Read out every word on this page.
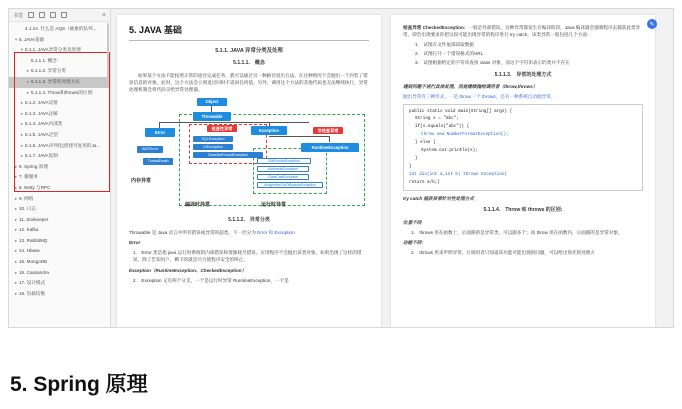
书签	×
4.1.24. 什么是 AQS（抽象的队列...
▾ 5. JAVA基础
▾ 5.1.1. JAVA异常分类及处理
5.1.1.1. 概念
▸ 5.1.1.2. 异常分类
▸ 5.1.1.3. 异常的处理方式
▸ 5.1.1.4. Throw和throws的区别:
▸ 5.1.2. JAVA反射
▸ 5.1.3. JAVA注解
▸ 5.1.4. JAVA内部类
▸ 5.1.5. JAVA泛型
▸ 5.1.6. JAVA序列化(创建可复用的Ja...
▸ 5.1.7. JAVA复制
▸ 6. Spring 原理
▸ 7. 微服务
▸ 8. Netty 与RPC
▸ 9. 网络
▸ 10. 日志
▸ 11. Zookeeper
▸ 12. Kafka
▸ 13. RabbitMQ
▸ 14. Hbase
▸ 15. MongoDB
▸ 16. Cassandra
▸ 17. 设计模式
▸ 18. 负载均衡
5. JAVA 基础
5.1.1. JAVA 异常分类及处理
5.1.1.1.　概念
如果某个方法不能按照正常的途径完成任务，就可以通过另一种路径退出方法。在这种情况下会抛出一个封装了错误信息的对象。此时，这个方法会立刻退出同时不返回任何值。另外，调用这个方法的其他代码也无法继续执行，异常处理机制会将代码交给异常处理器。
Object
Throwable
Error
检查性异常	Exception	非检查异常
RuntimeException
AWTError
ThreadDeath
SQLException
IOException
ClassNotFoundException
NullPointerException
ArithmeticException
ClassCastException
ArrayIndexOutOfBoundsException
内存异常
编译时异常	运行时异常
5.1.1.2.　异常分类
Throwable 是 Java 语言中所有错误或异常的超类。下一层分为 Error 和 Exception
Error
1.　Error 类是指 java 运行时系统的内部错误和资源耗尽错误。应用程序不会抛出该类对象。如果出现了这样的错误，除了告知用户，剩下的就是尽力使程序安全的终止。
Exception（RuntimeException、CheckedException）
2.　Exception 又有两个分支，一个是运行时异常 RuntimeException，一个是
检查异常 CheckedException：一般是外部错误，这种异常都发生在编译阶段，Java 编译器会强制程序去捕获此类异常，即会出现要求你把这段可能出现异常的程序进行 try catch，该类异常一般包括几个方面：
1.　试图在文件尾部读取数据
2.　试图打开一个错误格式的URL
3.　试图根据给定的字符串查找 class 对象，而这个字符串表示的类并不存在
5.1.1.3.　异常的处理方式
遇到问题不进行具体处理，而是继续抛给调用者（throw,throws）
抛出异常有三种形式，一是 throw,一个 throws，还有一种系统自动抛异常。
public static void main(String[] args) {
String s = "abc";
if(s.equals("abc")) {
throw new NumberFormatException();
} else {
System.out.println(s);
}
}
int div(int a,int b) throws Exception{
return a/b;}
try catch 捕获异常针对性处理方式
5.1.1.4.　Throw 和 throws 的区别:
位置不同
1.　throws 用在函数上，后面跟的是异常类，可以跟多个；而 throw 用在函数内，后面跟的是异常对象。
功能不同：
2.　throws 用来声明异常，让调用者只知道该功能可能出现的问题，可以给出预先的处理方
✎
5. Spring 原理
